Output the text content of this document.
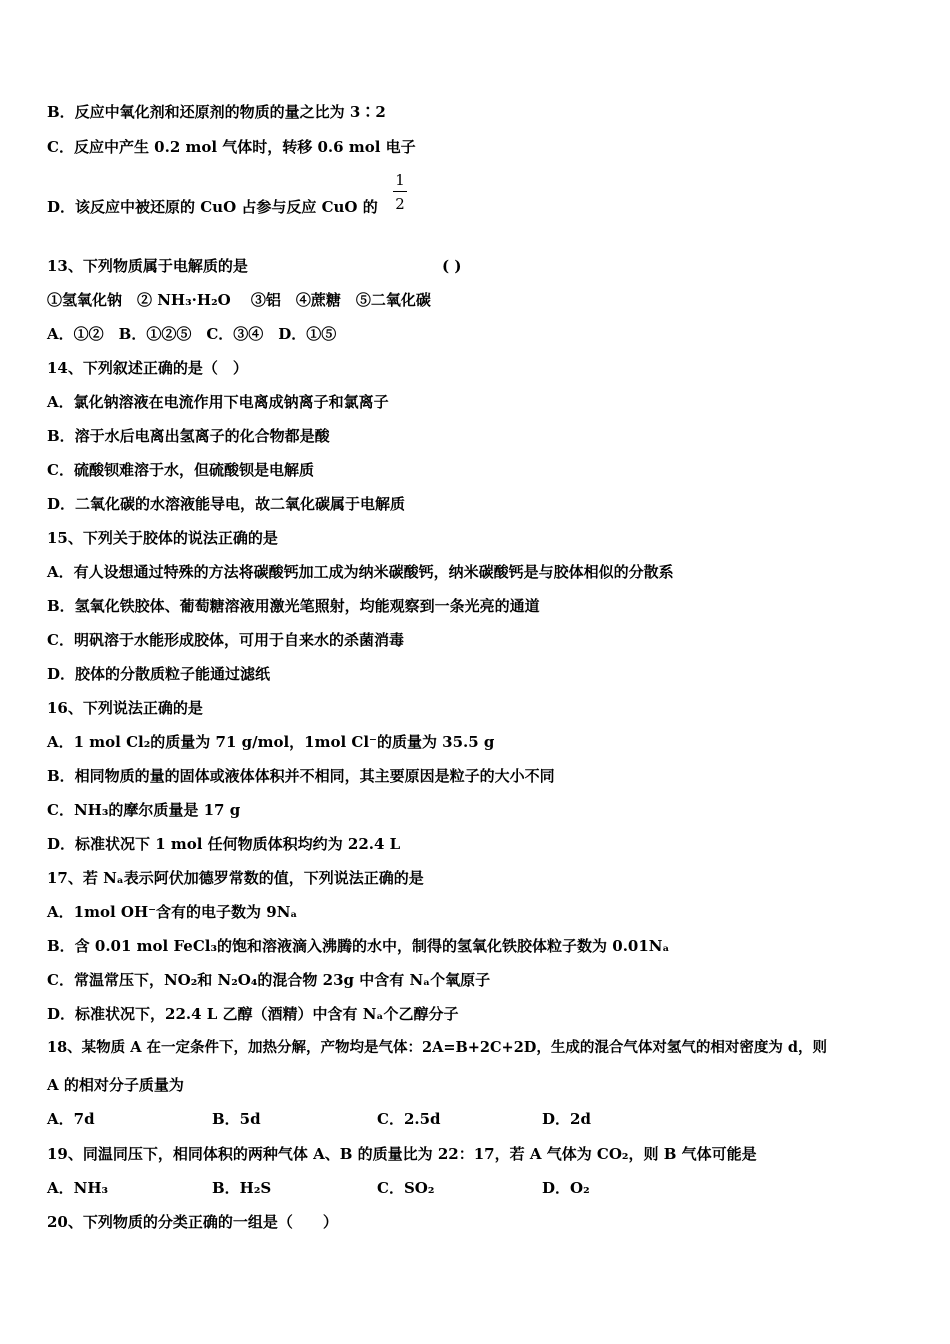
B．反应中氧化剂和还原剂的物质的量之比为 3∶2
C．反应中产生 0.2 mol 气体时，转移 0.6 mol 电子
D．该反应中被还原的 CuO 占参与反应 CuO 的
1
2
13、下列物质属于电解质的是	( )
①氢氧化钠　② NH₃·H₂O　 ③铝　④蔗糖　⑤二氧化碳
A．①②　B．①②⑤　C．③④　D．①⑤
14、下列叙述正确的是（　）
A．氯化钠溶液在电流作用下电离成钠离子和氯离子
B．溶于水后电离出氢离子的化合物都是酸
C．硫酸钡难溶于水，但硫酸钡是电解质
D．二氧化碳的水溶液能导电，故二氧化碳属于电解质
15、下列关于胶体的说法正确的是
A．有人设想通过特殊的方法将碳酸钙加工成为纳米碳酸钙，纳米碳酸钙是与胶体相似的分散系
B．氢氧化铁胶体、葡萄糖溶液用激光笔照射，均能观察到一条光亮的通道
C．明矾溶于水能形成胶体，可用于自来水的杀菌消毒
D．胶体的分散质粒子能通过滤纸
16、下列说法正确的是
A．1 mol Cl₂的质量为 71 g/mol，1mol Cl⁻的质量为 35.5 g
B．相同物质的量的固体或液体体积并不相同，其主要原因是粒子的大小不同
C．NH₃的摩尔质量是 17 g
D．标准状况下 1 mol 任何物质体积均约为 22.4 L
17、若 Nₐ表示阿伏加德罗常数的值，下列说法正确的是
A．1mol OH⁻含有的电子数为 9Nₐ
B．含 0.01 mol FeCl₃的饱和溶液滴入沸腾的水中，制得的氢氧化铁胶体粒子数为 0.01Nₐ
C．常温常压下，NO₂和 N₂O₄的混合物 23g 中含有 Nₐ个氧原子
D．标准状况下，22.4 L 乙醇（酒精）中含有 Nₐ个乙醇分子
18、某物质 A 在一定条件下，加热分解，产物均是气体：2A=B+2C+2D，生成的混合气体对氢气的相对密度为 d，则
A 的相对分子质量为
A．7d	B．5d	C．2.5d	D．2d
19、同温同压下，相同体积的两种气体 A、B 的质量比为 22：17，若 A 气体为 CO₂，则 B 气体可能是
A．NH₃	B．H₂S	C．SO₂	D．O₂
20、下列物质的分类正确的一组是（　　）
